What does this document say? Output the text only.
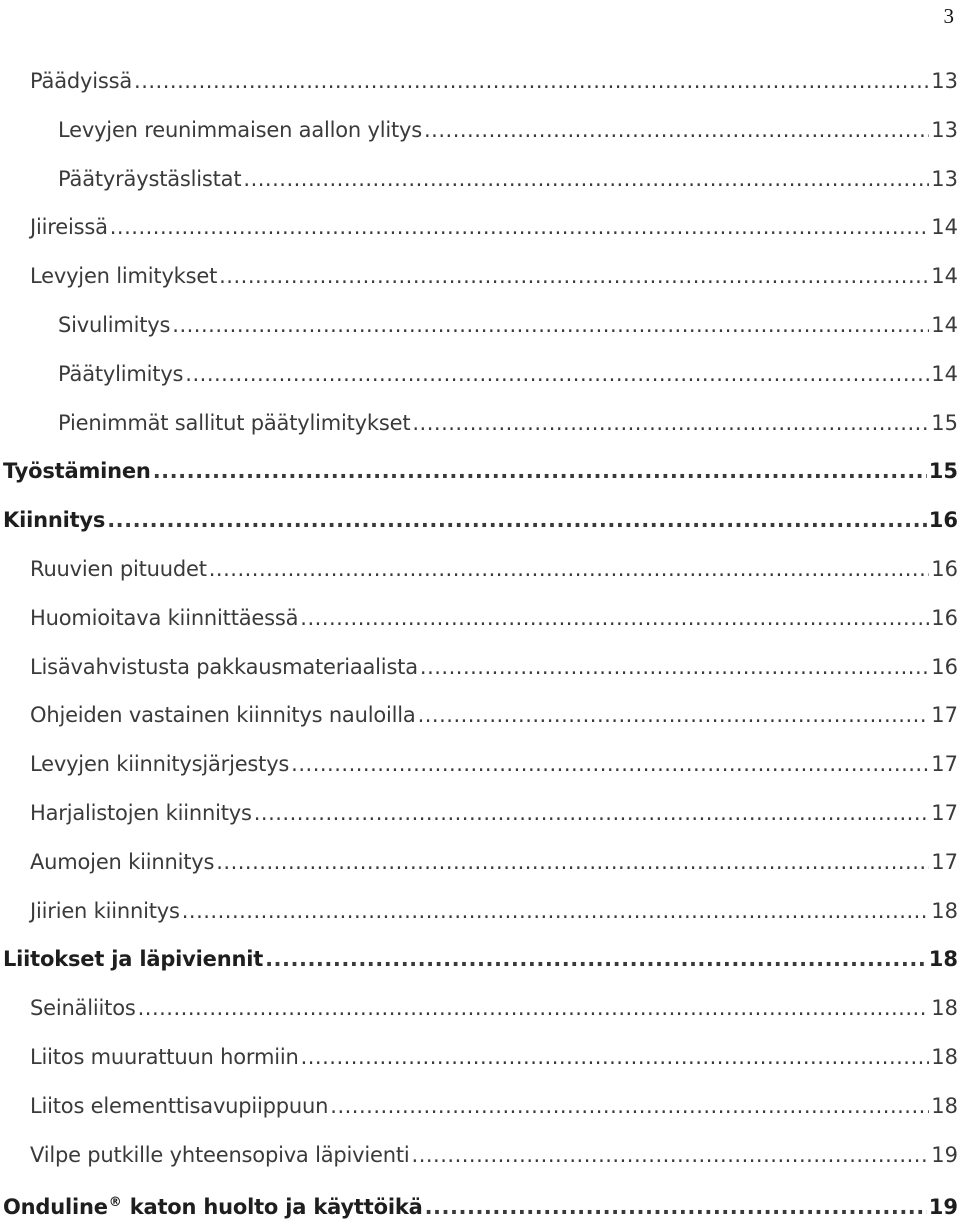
3
Päädyissä .....	13
Levyjen reunimmaisen aallon ylitys .....	13
Päätyräystäslistat .....	13
Jiireissä .....	14
Levyjen limitykset .....	14
Sivulimitys .....	14
Päätylimitys .....	14
Pienimmät sallitut päätylimitykset .....	15
Työstäminen .....	15
Kiinnitys .....	16
Ruuvien pituudet .....	16
Huomioitava kiinnittäessä .....	16
Lisävahvistusta pakkausmateriaalista .....	16
Ohjeiden vastainen kiinnitys nauloilla .....	17
Levyjen kiinnitysjärjestys .....	17
Harjalistojen kiinnitys .....	17
Aumojen kiinnitys .....	17
Jiirien kiinnitys .....	18
Liitokset ja läpiviennit .....	18
Seinäliitos .....	18
Liitos muurattuun hormiin .....	18
Liitos elementtisavupiippuun .....	18
Vilpe putkille yhteensopiva läpivienti .....	19
Onduline® katon huolto ja käyttöikä .....	19
